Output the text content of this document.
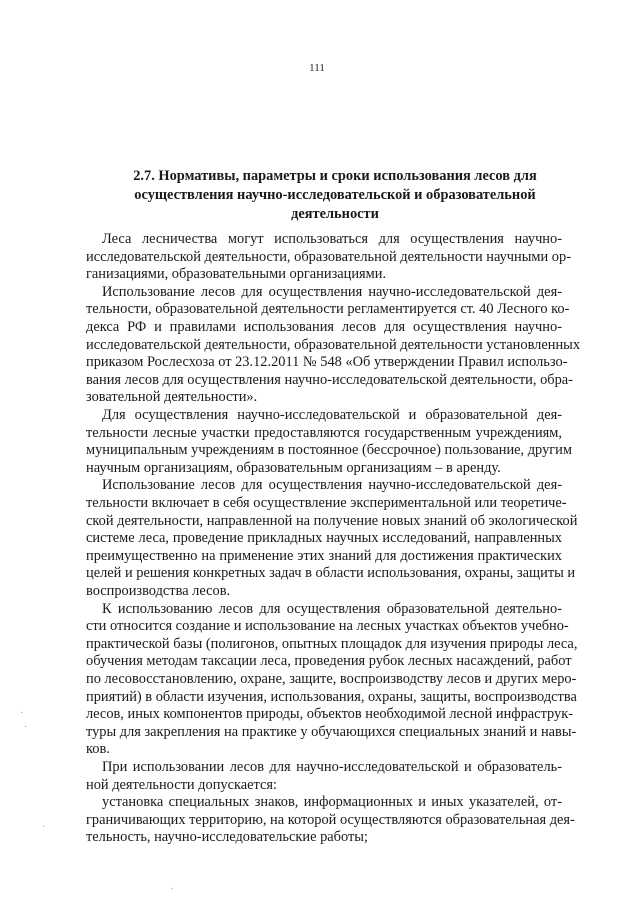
111
2.7. Нормативы, параметры и сроки использования лесов для
осуществления научно-исследовательской и образовательной
деятельности
Леса лесничества могут использоваться для осуществления научно-
исследовательской деятельности, образовательной деятельности научными ор-
ганизациями, образовательными организациями.
Использование лесов для осуществления научно-исследовательской дея-
тельности, образовательной деятельности регламентируется ст. 40 Лесного ко-
декса РФ и правилами использования лесов для осуществления научно-
исследовательской деятельности, образовательной деятельности установленных
приказом Рослесхоза от 23.12.2011 № 548 «Об утверждении Правил использо-
вания лесов для осуществления научно-исследовательской деятельности, обра-
зовательной деятельности».
Для осуществления научно-исследовательской и образовательной дея-
тельности лесные участки предоставляются государственным учреждениям,
муниципальным учреждениям в постоянное (бессрочное) пользование, другим
научным организациям, образовательным организациям – в аренду.
Использование лесов для осуществления научно-исследовательской дея-
тельности включает в себя осуществление экспериментальной или теоретиче-
ской деятельности, направленной на получение новых знаний об экологической
системе леса, проведение прикладных научных исследований, направленных
преимущественно на применение этих знаний для достижения практических
целей и решения конкретных задач в области использования, охраны, защиты и
воспроизводства лесов.
К использованию лесов для осуществления образовательной деятельно-
сти относится создание и использование на лесных участках объектов учебно-
практической базы (полигонов, опытных площадок для изучения природы леса,
обучения методам таксации леса, проведения рубок лесных насаждений, работ
по лесовосстановлению, охране, защите, воспроизводству лесов и других меро-
приятий) в области изучения, использования, охраны, защиты, воспроизводства
лесов, иных компонентов природы, объектов необходимой лесной инфраструк-
туры для закрепления на практике у обучающихся специальных знаний и навы-
ков.
При использовании лесов для научно-исследовательской и образователь-
ной деятельности допускается:
установка специальных знаков, информационных и иных указателей, от-
граничивающих территорию, на которой осуществляются образовательная дея-
тельность, научно-исследовательские работы;
·
·
·
·
